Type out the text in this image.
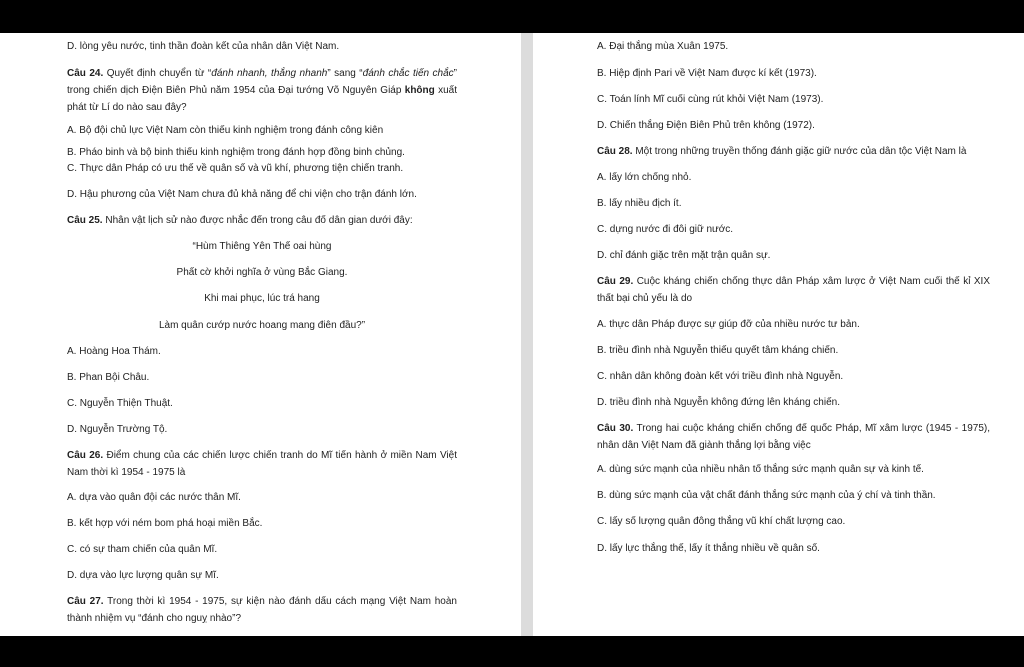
D. lòng yêu nước, tinh thần đoàn kết của nhân dân Việt Nam.
Câu 24. Quyết định chuyển từ “đánh nhanh, thắng nhanh” sang “đánh chắc tiến chắc” trong chiến dịch Điện Biên Phủ năm 1954 của Đại tướng Võ Nguyên Giáp không xuất phát từ Lí do nào sau đây?
A. Bộ đội chủ lực Việt Nam còn thiếu kinh nghiệm trong đánh công kiên
B. Pháo binh và bộ binh thiếu kinh nghiệm trong đánh hợp đồng binh chủng.
C. Thực dân Pháp có ưu thế về quân số và vũ khí, phương tiện chiến tranh.
D. Hậu phương của Việt Nam chưa đủ khả năng để chi viện cho trận đánh lớn.
Câu 25. Nhân vật lịch sử nào được nhắc đến trong câu đố dân gian dưới đây:
“Hùm Thiêng Yên Thế oai hùng
Phất cờ khởi nghĩa ở vùng Bắc Giang.
Khi mai phục, lúc trá hang
Làm quân cướp nước hoang mang điên đầu?”
A. Hoàng Hoa Thám.
B. Phan Bội Châu.
C. Nguyễn Thiện Thuật.
D. Nguyễn Trường Tộ.
Câu 26. Điểm chung của các chiến lược chiến tranh do Mĩ tiến hành ở miền Nam Việt Nam thời kì 1954 - 1975 là
A. dựa vào quân đội các nước thân Mĩ.
B. kết hợp với ném bom phá hoại miền Bắc.
C. có sự tham chiến của quân Mĩ.
D. dựa vào lực lượng quân sự Mĩ.
Câu 27. Trong thời kì 1954 - 1975, sự kiện nào đánh dấu cách mạng Việt Nam hoàn thành nhiệm vụ “đánh cho nguỵ nhào”?
A. Đại thắng mùa Xuân 1975.
B. Hiệp định Pari về Việt Nam được kí kết (1973).
C. Toán lính Mĩ cuối cùng rút khỏi Việt Nam (1973).
D. Chiến thắng Điện Biên Phủ trên không (1972).
Câu 28. Một trong những truyền thống đánh giặc giữ nước của dân tộc Việt Nam là
A. lấy lớn chống nhỏ.
B. lấy nhiều địch ít.
C. dựng nước đi đôi giữ nước.
D. chỉ đánh giặc trên mặt trận quân sự.
Câu 29. Cuộc kháng chiến chống thực dân Pháp xâm lược ở Việt Nam cuối thế kỉ XIX thất bại chủ yếu là do
A. thực dân Pháp được sự giúp đỡ của nhiều nước tư bản.
B. triều đình nhà Nguyễn thiếu quyết tâm kháng chiến.
C. nhân dân không đoàn kết với triều đình nhà Nguyễn.
D. triều đình nhà Nguyễn không đứng lên kháng chiến.
Câu 30. Trong hai cuộc kháng chiến chống đế quốc Pháp, Mĩ xâm lược (1945 - 1975), nhân dân Việt Nam đã giành thắng lợi bằng việc
A. dùng sức mạnh của nhiều nhân tố thắng sức mạnh quân sự và kinh tế.
B. dùng sức mạnh của vật chất đánh thắng sức mạnh của ý chí và tinh thần.
C. lấy số lượng quân đông thắng vũ khí chất lượng cao.
D. lấy lực thắng thế, lấy ít thắng nhiều về quân số.
